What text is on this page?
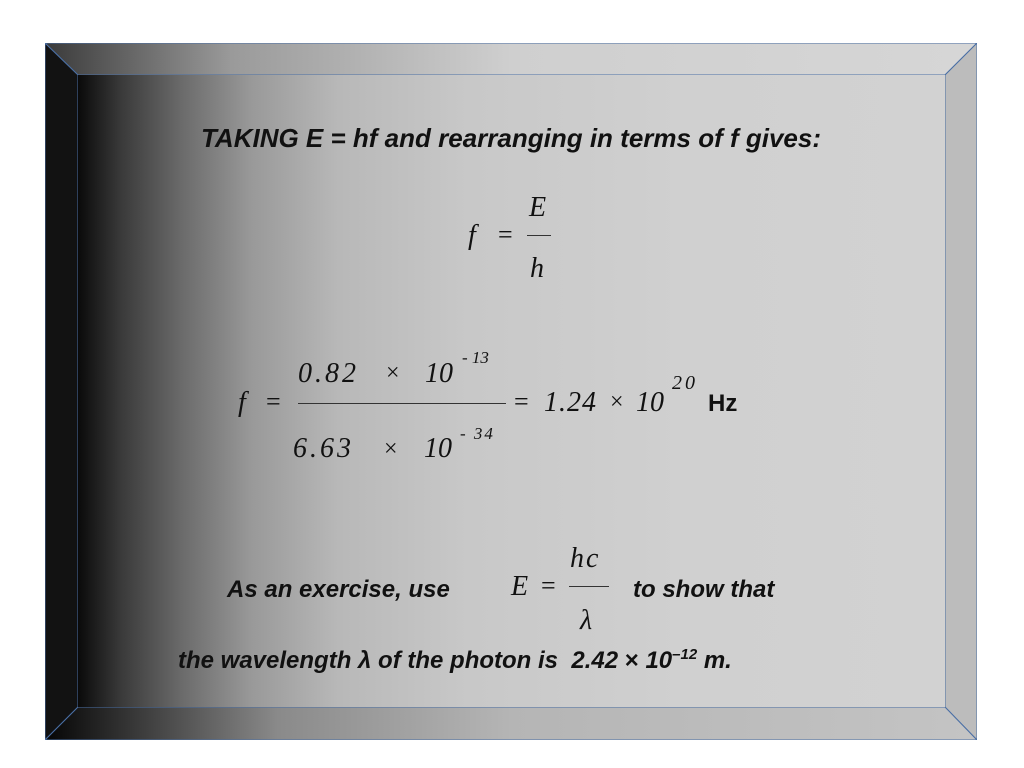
TAKING E = hf and rearranging in terms of f gives:
f =
E
h
f =
0.82 × 10
- 13
6.63 × 10 - 34
= 1.24 × 10
20
Hz
As an exercise, use E =
hc
λ
to show that
the wavelength λ of the photon is $2.42 \times 10^{-12}$ m.
